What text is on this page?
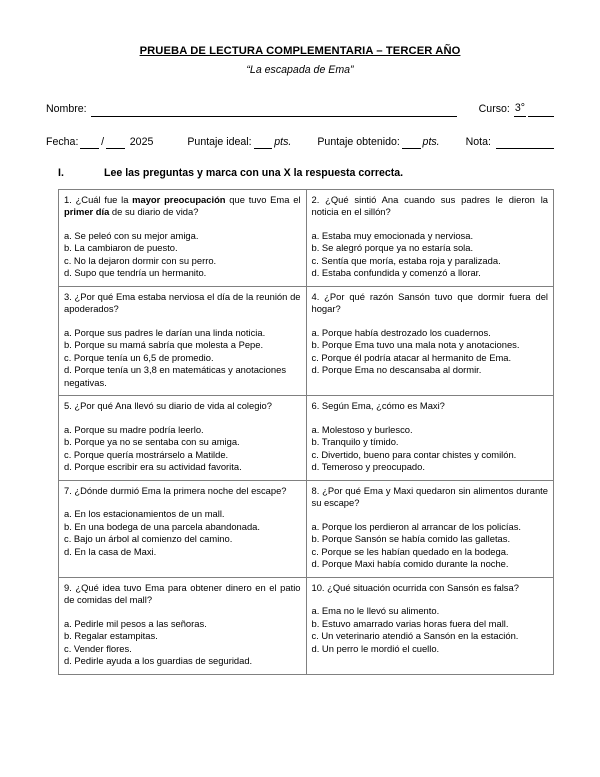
PRUEBA DE LECTURA COMPLEMENTARIA – TERCER AÑO
“La escapada de Ema”
Nombre:	Curso: 3°
Fecha: / 2025	Puntaje ideal: pts. Puntaje obtenido: pts. Nota:
I.	Lee las preguntas y marca con una X la respuesta correcta.

1. ¿Cuál fue la mayor preocupación que tuvo Ema el primer día de su diario de vida?

a. Se peleó con su mejor amiga.

b. La cambiaron de puesto.

c. No la dejaron dormir con su perro.

d. Supo que tendría un hermanito.

2. ¿Qué sintió Ana cuando sus padres le dieron la noticia en el sillón?

a. Estaba muy emocionada y nerviosa.

b. Se alegró porque ya no estaría sola.

c. Sentía que moría, estaba roja y paralizada.

d. Estaba confundida y comenzó a llorar.

3. ¿Por qué Ema estaba nerviosa el día de la reunión de apoderados?

a. Porque sus padres le darían una linda noticia.

b. Porque su mamá sabría que molesta a Pepe.

c. Porque tenía un 6,5 de promedio.

d. Porque tenía un 3,8 en matemáticas y anotaciones negativas.

4. ¿Por qué razón Sansón tuvo que dormir fuera del hogar?

a. Porque había destrozado los cuadernos.

b. Porque Ema tuvo una mala nota y anotaciones.

c. Porque él podría atacar al hermanito de Ema.

d. Porque Ema no descansaba al dormir.

5. ¿Por qué Ana llevó su diario de vida al colegio?

a. Porque su madre podría leerlo.

b. Porque ya no se sentaba con su amiga.

c. Porque quería mostrárselo a Matilde.

d. Porque escribir era su actividad favorita.

6. Según Ema, ¿cómo es Maxi?

a. Molestoso y burlesco.

b. Tranquilo y tímido.

c. Divertido, bueno para contar chistes y comilón.

d. Temeroso y preocupado.

7. ¿Dónde durmió Ema la primera noche del escape?

a. En los estacionamientos de un mall.

b. En una bodega de una parcela abandonada.

c. Bajo un árbol al comienzo del camino.

d. En la casa de Maxi.

8. ¿Por qué Ema y Maxi quedaron sin alimentos durante su escape?

a. Porque los perdieron al arrancar de los policías.

b. Porque Sansón se había comido las galletas.

c. Porque se les habían quedado en la bodega.

d. Porque Maxi había comido durante la noche.

9. ¿Qué idea tuvo Ema para obtener dinero en el patio de comidas del mall?

a. Pedirle mil pesos a las señoras.

b. Regalar estampitas.

c. Vender flores.

d. Pedirle ayuda a los guardias de seguridad.

10. ¿Qué situación ocurrida con Sansón es falsa?

a. Ema no le llevó su alimento.

b. Estuvo amarrado varias horas fuera del mall.

c. Un veterinario atendió a Sansón en la estación.

d. Un perro le mordió el cuello.
